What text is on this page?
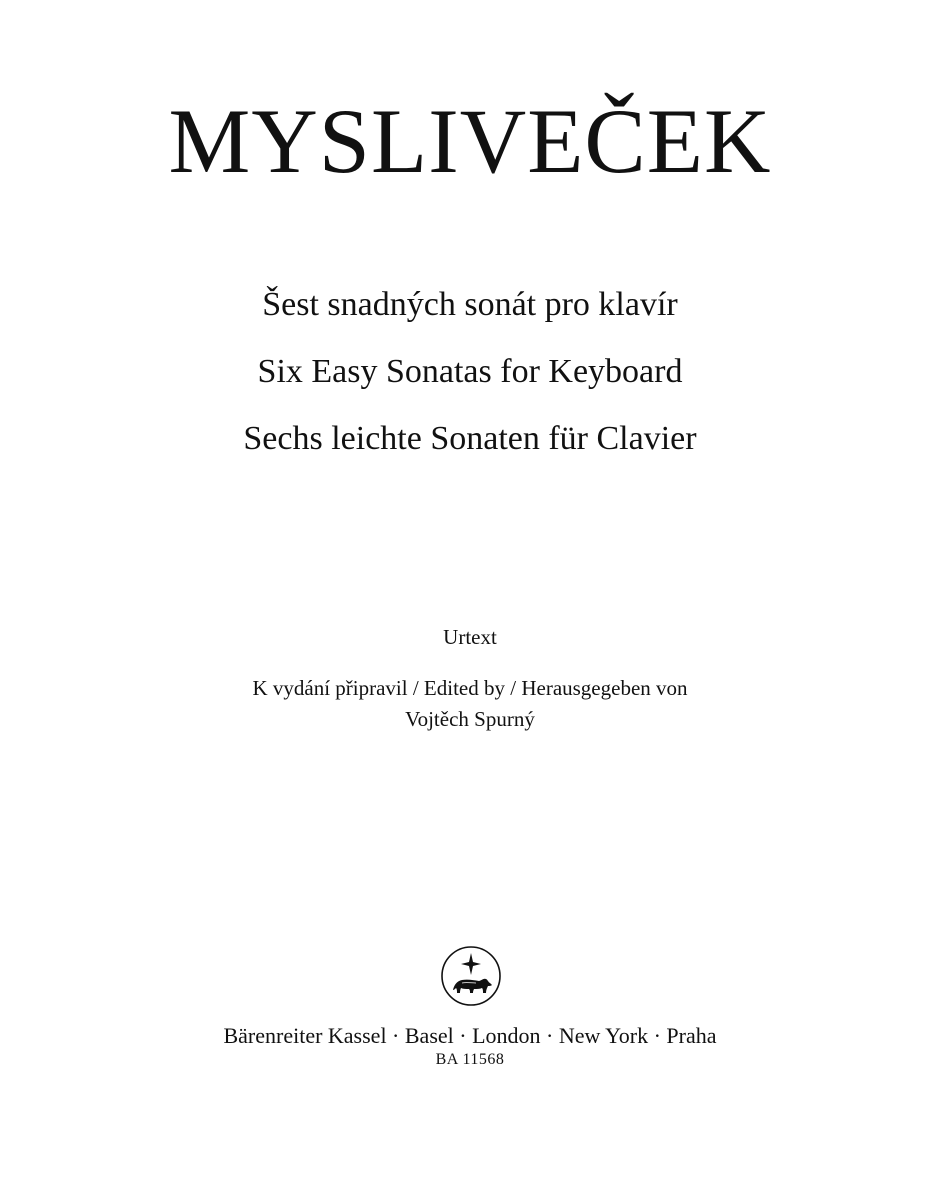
MYSLIVEČEK
Šest snadných sonát pro klavír
Six Easy Sonatas for Keyboard
Sechs leichte Sonaten für Clavier
Urtext
K vydání připravil / Edited by / Herausgegeben von
Vojtěch Spurný
Bärenreiter Kassel · Basel · London · New York · Praha
BA 11568
